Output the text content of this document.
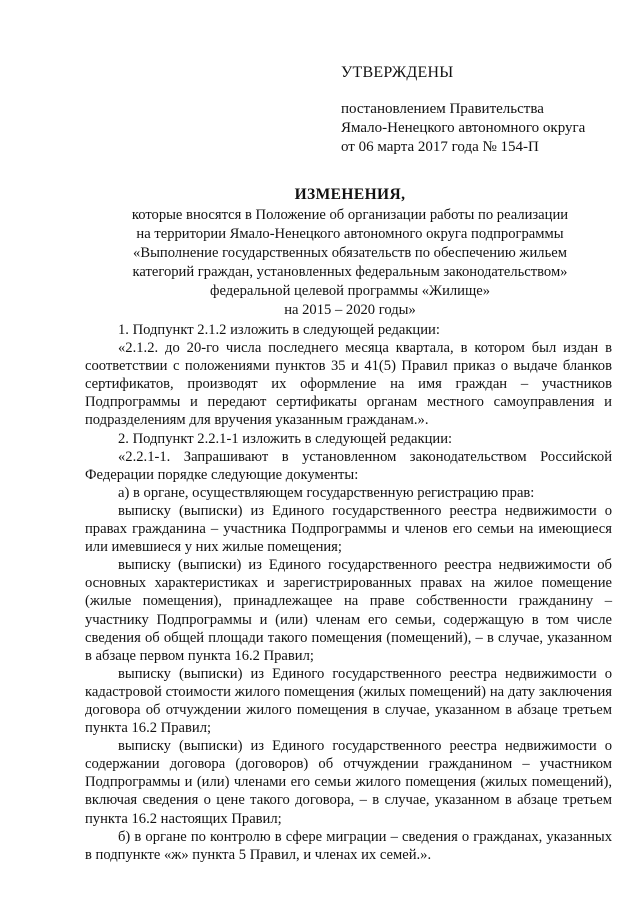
УТВЕРЖДЕНЫ

постановлением Правительства

Ямало-Ненецкого автономного округа

от 06 марта 2017 года № 154-П

ИЗМЕНЕНИЯ,

которые вносятся в Положение об организации работы по реализации

на территории Ямало-Ненецкого автономного округа подпрограммы

«Выполнение государственных обязательств по обеспечению жильем

категорий граждан, установленных федеральным законодательством»

федеральной целевой программы «Жилище»

на 2015 – 2020 годы»

1. Подпункт 2.1.2 изложить в следующей редакции:

«2.1.2. до 20-го числа последнего месяца квартала, в котором был издан в соответствии с положениями пунктов 35 и 41(5) Правил приказ о выдаче бланков сертификатов, производят их оформление на имя граждан – участников Подпрограммы и передают сертификаты органам местного самоуправления и подразделениям для вручения указанным гражданам.».

2. Подпункт 2.2.1-1 изложить в следующей редакции:

«2.2.1-1. Запрашивают в установленном законодательством Российской Федерации порядке следующие документы:

а) в органе, осуществляющем государственную регистрацию прав:

выписку (выписки) из Единого государственного реестра недвижимости о правах гражданина – участника Подпрограммы и членов его семьи на имеющиеся или имевшиеся у них жилые помещения;

выписку (выписки) из Единого государственного реестра недвижимости об основных характеристиках и зарегистрированных правах на жилое помещение (жилые помещения), принадлежащее на праве собственности гражданину – участнику Подпрограммы и (или) членам его семьи, содержащую в том числе сведения об общей площади такого помещения (помещений), – в случае, указанном в абзаце первом пункта 16.2 Правил;

выписку (выписки) из Единого государственного реестра недвижимости о кадастровой стоимости жилого помещения (жилых помещений) на дату заключения договора об отчуждении жилого помещения в случае, указанном в абзаце третьем пункта 16.2 Правил;

выписку (выписки) из Единого государственного реестра недвижимости о содержании договора (договоров) об отчуждении гражданином – участником Подпрограммы и (или) членами его семьи жилого помещения (жилых помещений), включая сведения о цене такого договора, – в случае, указанном в абзаце третьем пункта 16.2 настоящих Правил;

б) в органе по контролю в сфере миграции – сведения о гражданах, указанных в подпункте «ж» пункта 5 Правил, и членах их семей.».
